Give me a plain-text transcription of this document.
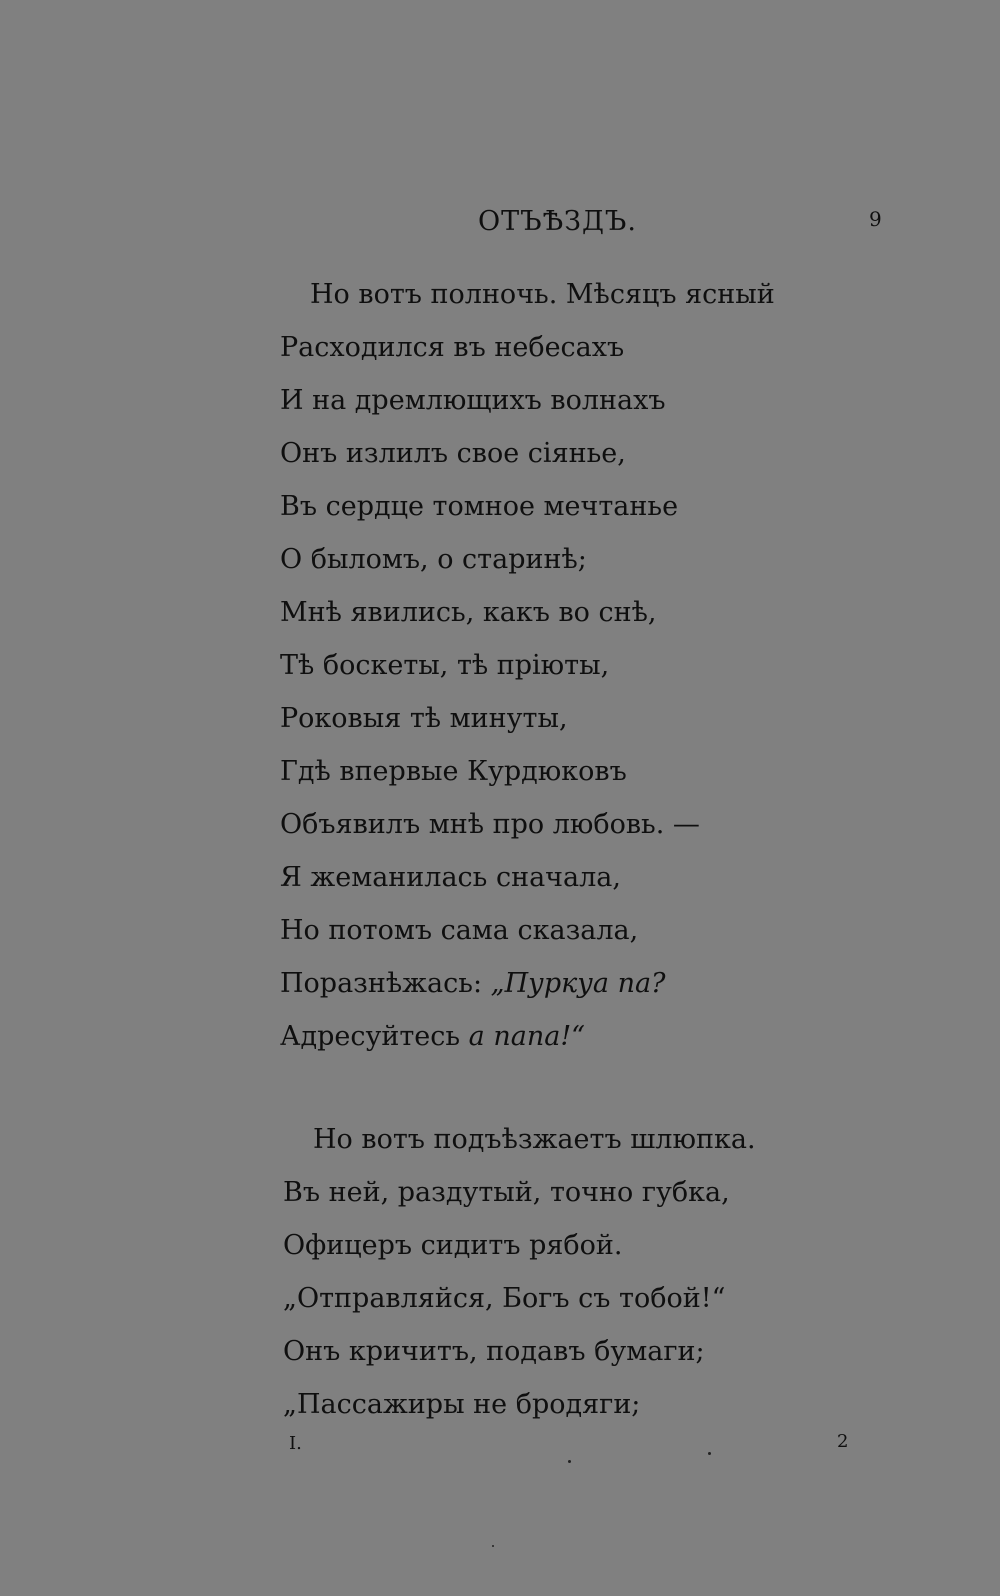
ОТЪѢЗДЪ.	9
Но вотъ полночь. Мѣсяцъ ясный
Расходился въ небесахъ
И на дремлющихъ волнахъ
Онъ излилъ свое сіянье,
Въ сердце томное мечтанье
О быломъ, о старинѣ;
Мнѣ явились, какъ во снѣ,
Тѣ боскеты, тѣ пріюты,
Роковыя тѣ минуты,
Гдѣ впервые Курдюковъ
Объявилъ мнѣ про любовь. —
Я жеманилась сначала,
Но потомъ сама сказала,
Поразнѣжась: „Пуркуа па?
Адресуйтесь а папа!“
Но вотъ подъѣзжаетъ шлюпка.
Въ ней, раздутый, точно губка,
Офицеръ сидитъ рябой.
„Отправляйся, Богъ съ тобой!“
Онъ кричитъ, подавъ бумаги;
„Пассажиры не бродяги;
I.	2
